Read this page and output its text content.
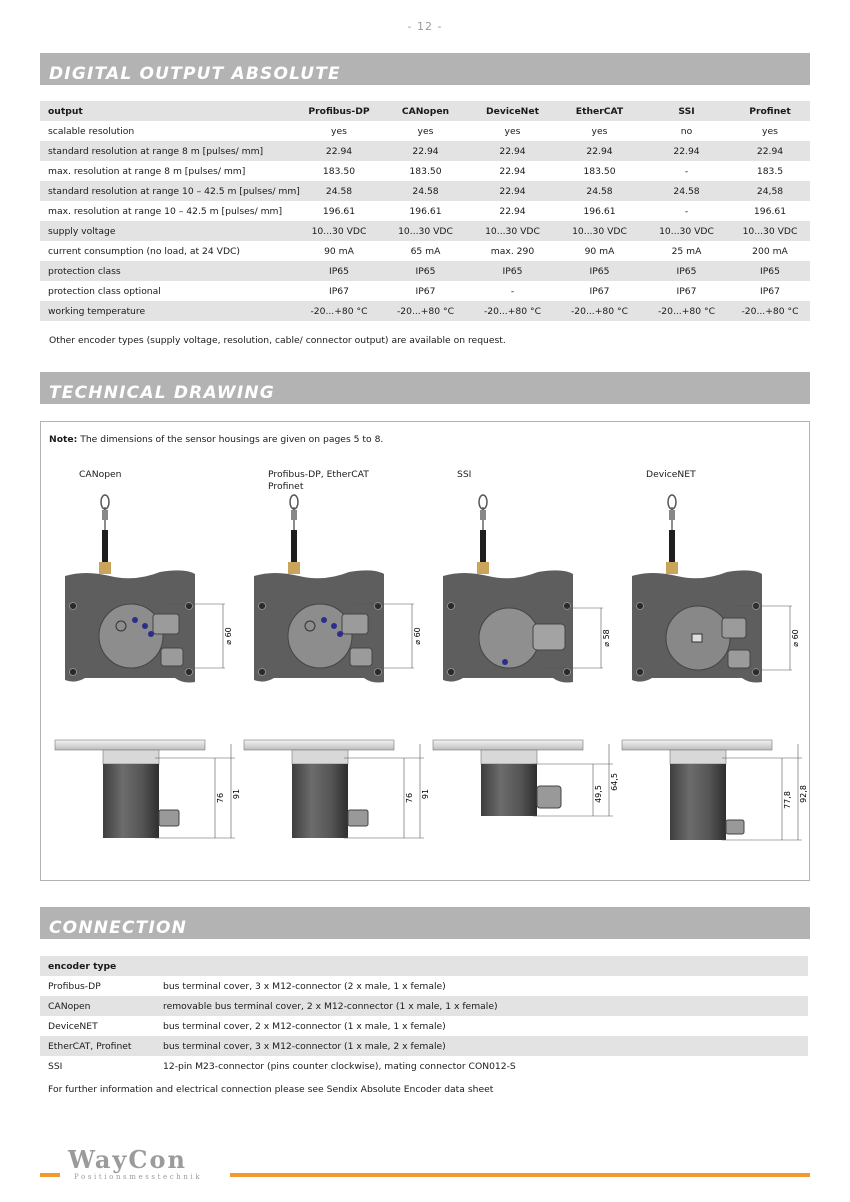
- 12 -
DIGITAL OUTPUT ABSOLUTE
output	Profibus-DP	CANopen	DeviceNet	EtherCAT	SSI	Profinet
scalable resolution	yes	yes	yes	yes	no	yes
standard resolution at range 8 m [pulses/ mm]	22.94	22.94	22.94	22.94	22.94	22.94
max. resolution at range 8 m [pulses/ mm]	183.50	183.50	22.94	183.50	-	183.5
standard resolution at range 10 – 42.5 m [pulses/ mm]	24.58	24.58	22.94	24.58	24.58	24,58
max. resolution at range 10 – 42.5 m [pulses/ mm]	196.61	196.61	22.94	196.61	-	196.61
supply voltage	10...30 VDC	10...30 VDC	10...30 VDC	10...30 VDC	10...30 VDC	10...30 VDC
current consumption (no load, at 24 VDC)	90 mA	65 mA	max. 290	90 mA	25 mA	200 mA
protection class	IP65	IP65	IP65	IP65	IP65	IP65
protection class optional	IP67	IP67	-	IP67	IP67	IP67
working temperature	-20...+80 °C	-20...+80 °C	-20...+80 °C	-20...+80 °C	-20...+80 °C	-20...+80 °C
Other encoder types (supply voltage, resolution, cable/ connector output) are available on request.
TECHNICAL DRAWING
Note: The dimensions of the sensor housings are given on pages 5 to 8.
CANopen	Profibus-DP, EtherCAT
Profinet
SSI	DeviceNET
⌀ 60	⌀ 60	⌀ 58	⌀ 60
76 91	76 91	49,5
64,5
77,8 92,8
CONNECTION
encoder type	
Profibus-DP	bus terminal cover, 3 x M12-connector (2 x male, 1 x female)
CANopen	removable bus terminal cover, 2 x M12-connector (1 x male, 1 x female)
DeviceNET	bus terminal cover, 2 x M12-connector (1 x male, 1 x female)
EtherCAT, Profinet	bus terminal cover, 3 x M12-connector (1 x male, 2 x female)
SSI	12-pin M23-connector (pins counter clockwise), mating connector CON012-S
For further information and electrical connection please see Sendix Absolute Encoder data sheet
WayCon
Positionsmesstechnik
